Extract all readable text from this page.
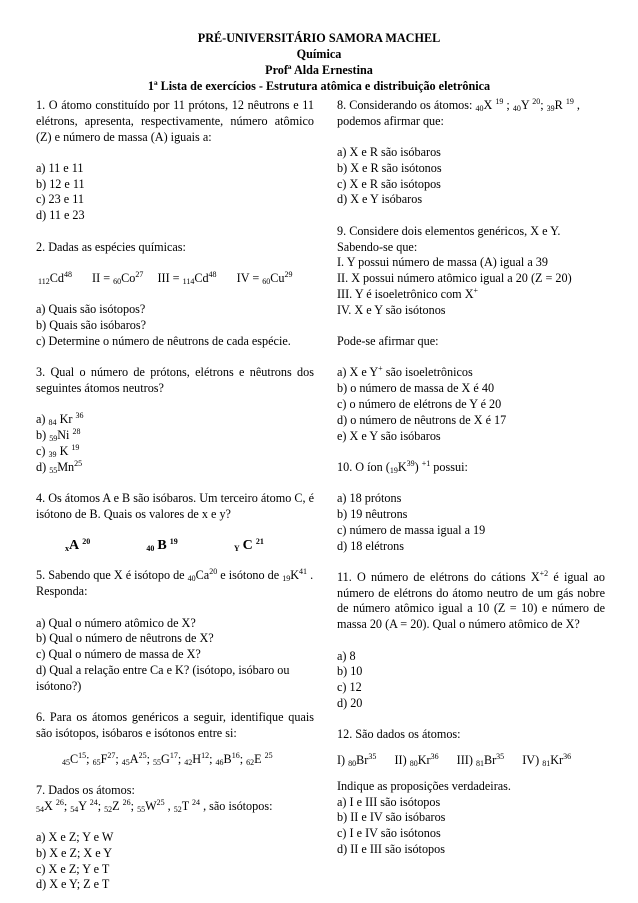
PRÉ-UNIVERSITÁRIO SAMORA MACHEL
Química
Profª Alda Ernestina
1ª Lista de exercícios - Estrutura atômica e distribuição eletrônica

1. O átomo constituído por 11 prótons, 12 nêutrons e 11 elétrons, apresenta, respectivamente, número atômico (Z) e número de massa (A) iguais a:

a) 11 e 11

b) 12 e 11

c) 23 e 11

d) 11 e 23

2. Dadas as espécies químicas:

$_{112}Cd^{48}$ II = $_{60}Co^{27}$ III = $_{114}Cd^{48}$ IV = $_{60}Cu^{29}$

a) Quais são isótopos?

b) Quais são isóbaros?

c) Determine o número de nêutrons de cada espécie.

3. Qual o número de prótons, elétrons e nêutrons dos seguintes átomos neutros?

a) $_{84}$ Kr $^{36}$

b) $_{59}$Ni $^{28}$

c) $_{39}$ K $^{19}$

d) $_{55}Mn^{25}$

4. Os átomos A e B são isóbaros. Um terceiro átomo C, é isótono de B. Quais os valores de x e y?

$_x$A $^{20}$  $_{40}$ B $^{19}$  $_Y$ C $^{21}$

5. Sabendo que X é isótopo de $_{40}Ca^{20}$ e isótono de $_{19}K^{41}$ . Responda:

a) Qual o número atômico de X?

b) Qual o número de nêutrons de X?

c) Qual o número de massa de X?

d) Qual a relação entre Ca e K? (isótopo, isóbaro ou isótono?)

6. Para os átomos genéricos a seguir, identifique quais são isótopos, isóbaros e isótonos entre si:

$_{45}C^{15}$; $_{65}F^{27}$; $_{45}A^{25}$; $_{55}G^{17}$; $_{42}H^{12}$; $_{46}B^{16}$; $_{62}$E $^{25}$

7. Dados os átomos:

$_{54}$X $^{26}$; $_{54}$Y $^{24}$; $_{52}$Z $^{26}$; $_{55}W^{25}$ , $_{52}$T $^{24}$ , são isótopos:

a) X e Z; Y e W

b) X e Z; X e Y

c) X e Z; Y e T

d) X e Y; Z e T

8. Considerando os átomos: $_{40}$X $^{19}$ ; $_{40}$Y $^{20}$; $_{39}$R $^{19}$ ,

podemos afirmar que:

a) X e R são isóbaros

b) X e R são isótonos

c) X e R são isótopos

d) X e Y isóbaros

9. Considere dois elementos genéricos, X e Y. Sabendo-se que:

I. Y possui número de massa (A) igual a 39

II. X possui número atômico igual a 20 (Z = 20)

III. Y é isoeletrônico com X+

IV. X e Y são isótonos

Pode-se afirmar que:

a) X e Y+ são isoeletrônicos

b) o número de massa de X é 40

c) o número de elétrons de Y é 20

d) o número de nêutrons de X é 17

e) X e Y são isóbaros

10. O íon $(_{19}K^{39})$ $^{+1}$ possui:

a) 18 prótons

b) 19 nêutrons

c) número de massa igual a 19

d) 18 elétrons

11. O número de elétrons do cátions $X^{+2}$ é igual ao número de elétrons do átomo neutro de um gás nobre de número atômico igual a 10 (Z = 10) e número de massa 20 (A = 20). Qual o número atômico de X?

a) 8

b) 10

c) 12

d) 20

12. São dados os átomos:

I) $_{80}Br^{35}$ II) $_{80}Kr^{36}$ III) $_{81}Br^{35}$ IV) $_{81}Kr^{36}$

Indique as proposições verdadeiras.

a) I e III são isótopos

b) II e IV são isóbaros

c) I e IV são isótonos

d) II e III são isótopos
